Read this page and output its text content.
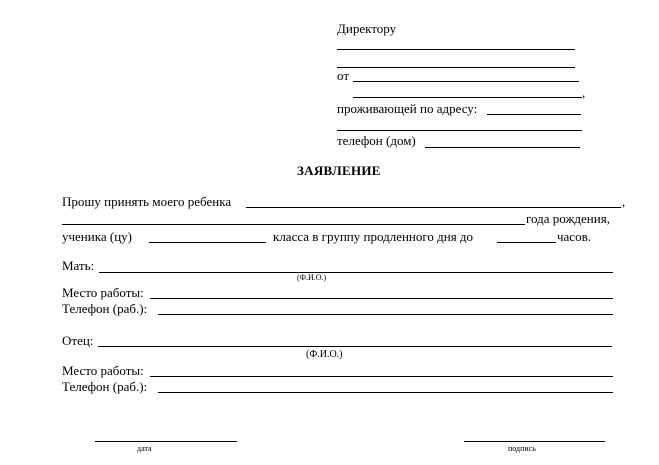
Директору
от
,
проживающей по адресу:
телефон (дом)
ЗАЯВЛЕНИЕ
Прошу принять моего ребенка	,
года рождения,
ученика (цу)	класса в группу продленного дня до	часов.
Мать:
(Ф.И.О.)
Место работы:
Телефон (раб.):
Отец:
(Ф.И.О.)
Место работы:
Телефон (раб.):
дата	подпись
